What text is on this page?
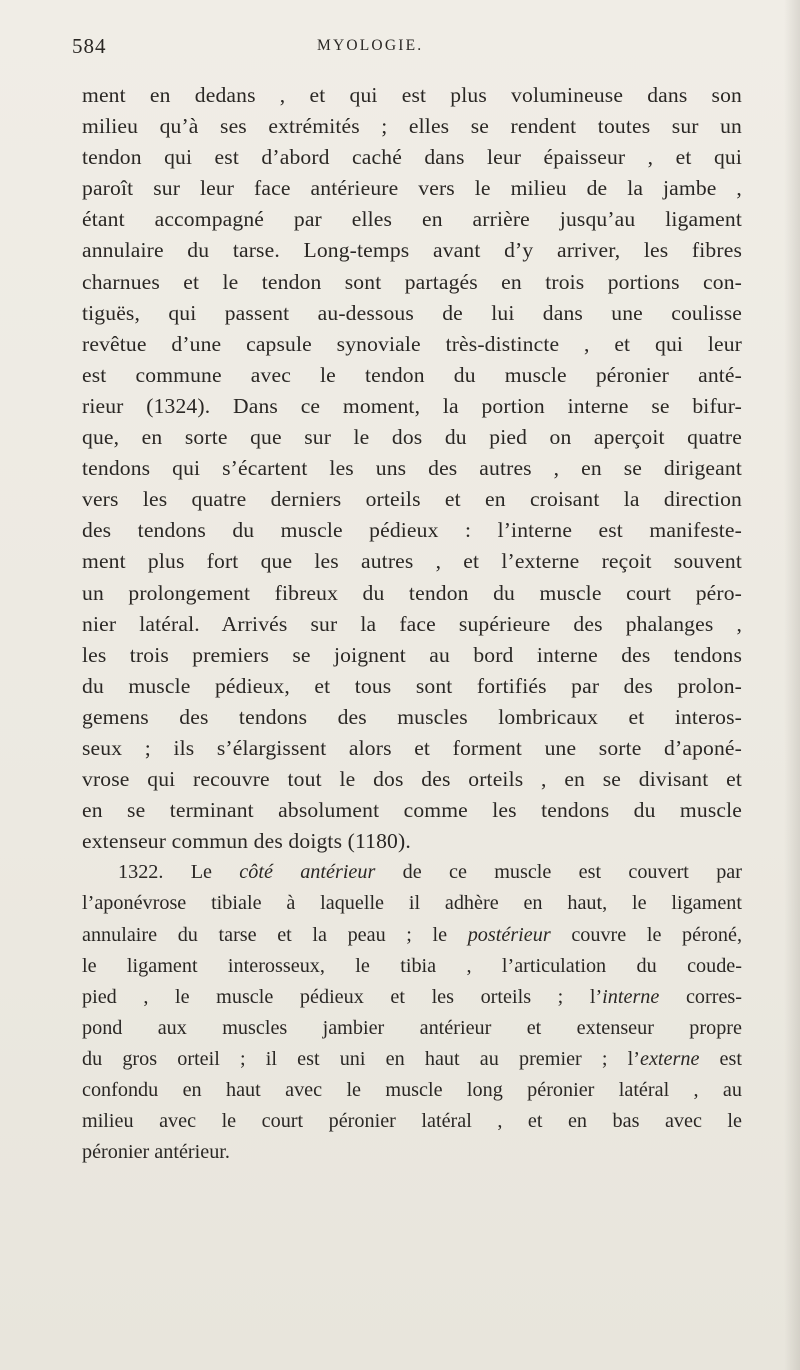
584	MYOLOGIE.
ment en dedans , et qui est plus volumineuse dans son
milieu qu’à ses extrémités ; elles se rendent toutes sur un
tendon qui est d’abord caché dans leur épaisseur , et qui
paroît sur leur face antérieure vers le milieu de la jambe ,
étant accompagné par elles en arrière jusqu’au ligament
annulaire du tarse. Long-temps avant d’y arriver, les fibres
charnues et le tendon sont partagés en trois portions con-
tiguës, qui passent au-dessous de lui dans une coulisse
revêtue d’une capsule synoviale très-distincte , et qui leur
est commune avec le tendon du muscle péronier anté-
rieur (1324). Dans ce moment, la portion interne se bifur-
que, en sorte que sur le dos du pied on aperçoit quatre
tendons qui s’écartent les uns des autres , en se dirigeant
vers les quatre derniers orteils et en croisant la direction
des tendons du muscle pédieux : l’interne est manifeste-
ment plus fort que les autres , et l’externe reçoit souvent
un prolongement fibreux du tendon du muscle court péro-
nier latéral. Arrivés sur la face supérieure des phalanges ,
les trois premiers se joignent au bord interne des tendons
du muscle pédieux, et tous sont fortifiés par des prolon-
gemens des tendons des muscles lombricaux et interos-
seux ; ils s’élargissent alors et forment une sorte d’aponé-
vrose qui recouvre tout le dos des orteils , en se divisant et
en se terminant absolument comme les tendons du muscle
extenseur commun des doigts (1180).
1322. Le côté antérieur de ce muscle est couvert par
l’aponévrose tibiale à laquelle il adhère en haut, le ligament
annulaire du tarse et la peau ; le postérieur couvre le péroné,
le ligament interosseux, le tibia , l’articulation du coude-
pied , le muscle pédieux et les orteils ; l’interne corres-
pond aux muscles jambier antérieur et extenseur propre
du gros orteil ; il est uni en haut au premier ; l’externe est
confondu en haut avec le muscle long péronier latéral , au
milieu avec le court péronier latéral , et en bas avec le
péronier antérieur.
